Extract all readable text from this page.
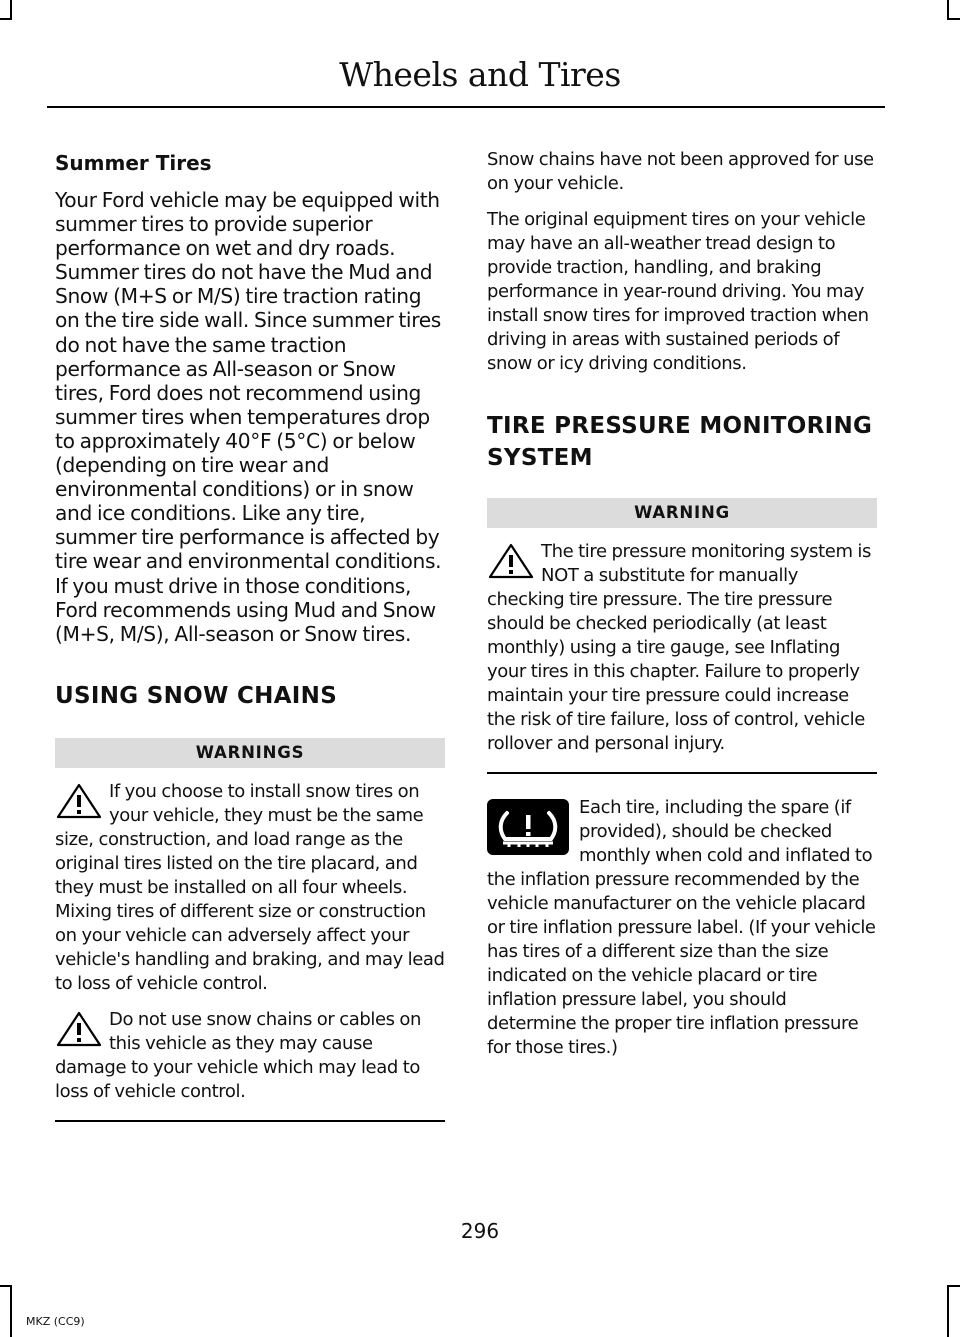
Wheels and Tires
Summer Tires

Your Ford vehicle may be equipped with summer tires to provide superior performance on wet and dry roads. Summer tires do not have the Mud and Snow (M+S or M/S) tire traction rating on the tire side wall. Since summer tires do not have the same traction performance as All-season or Snow tires, Ford does not recommend using summer tires when temperatures drop to approximately 40°F (5°C) or below (depending on tire wear and environmental conditions) or in snow and ice conditions. Like any tire, summer tire performance is affected by tire wear and environmental conditions. If you must drive in those conditions, Ford recommends using Mud and Snow (M+S, M/S), All-season or Snow tires.

USING SNOW CHAINS
WARNINGS

If you choose to install snow tires on your vehicle, they must be the same size, construction, and load range as the original tires listed on the tire placard, and they must be installed on all four wheels. Mixing tires of different size or construction on your vehicle can adversely affect your vehicle's handling and braking, and may lead to loss of vehicle control.

Do not use snow chains or cables on this vehicle as they may cause damage to your vehicle which may lead to loss of vehicle control.

Snow chains have not been approved for use on your vehicle.

The original equipment tires on your vehicle may have an all-weather tread design to provide traction, handling, and braking performance in year-round driving. You may install snow tires for improved traction when driving in areas with sustained periods of snow or icy driving conditions.

TIRE PRESSURE MONITORING
SYSTEM
WARNING

The tire pressure monitoring system is NOT a substitute for manually checking tire pressure. The tire pressure should be checked periodically (at least monthly) using a tire gauge, see Inflating your tires in this chapter. Failure to properly maintain your tire pressure could increase the risk of tire failure, loss of control, vehicle rollover and personal injury.

Each tire, including the spare (if provided), should be checked monthly when cold and inflated to the inflation pressure recommended by the vehicle manufacturer on the vehicle placard or tire inflation pressure label. (If your vehicle has tires of a different size than the size indicated on the vehicle placard or tire inflation pressure label, you should determine the proper tire inflation pressure for those tires.)

296
MKZ (CC9)
